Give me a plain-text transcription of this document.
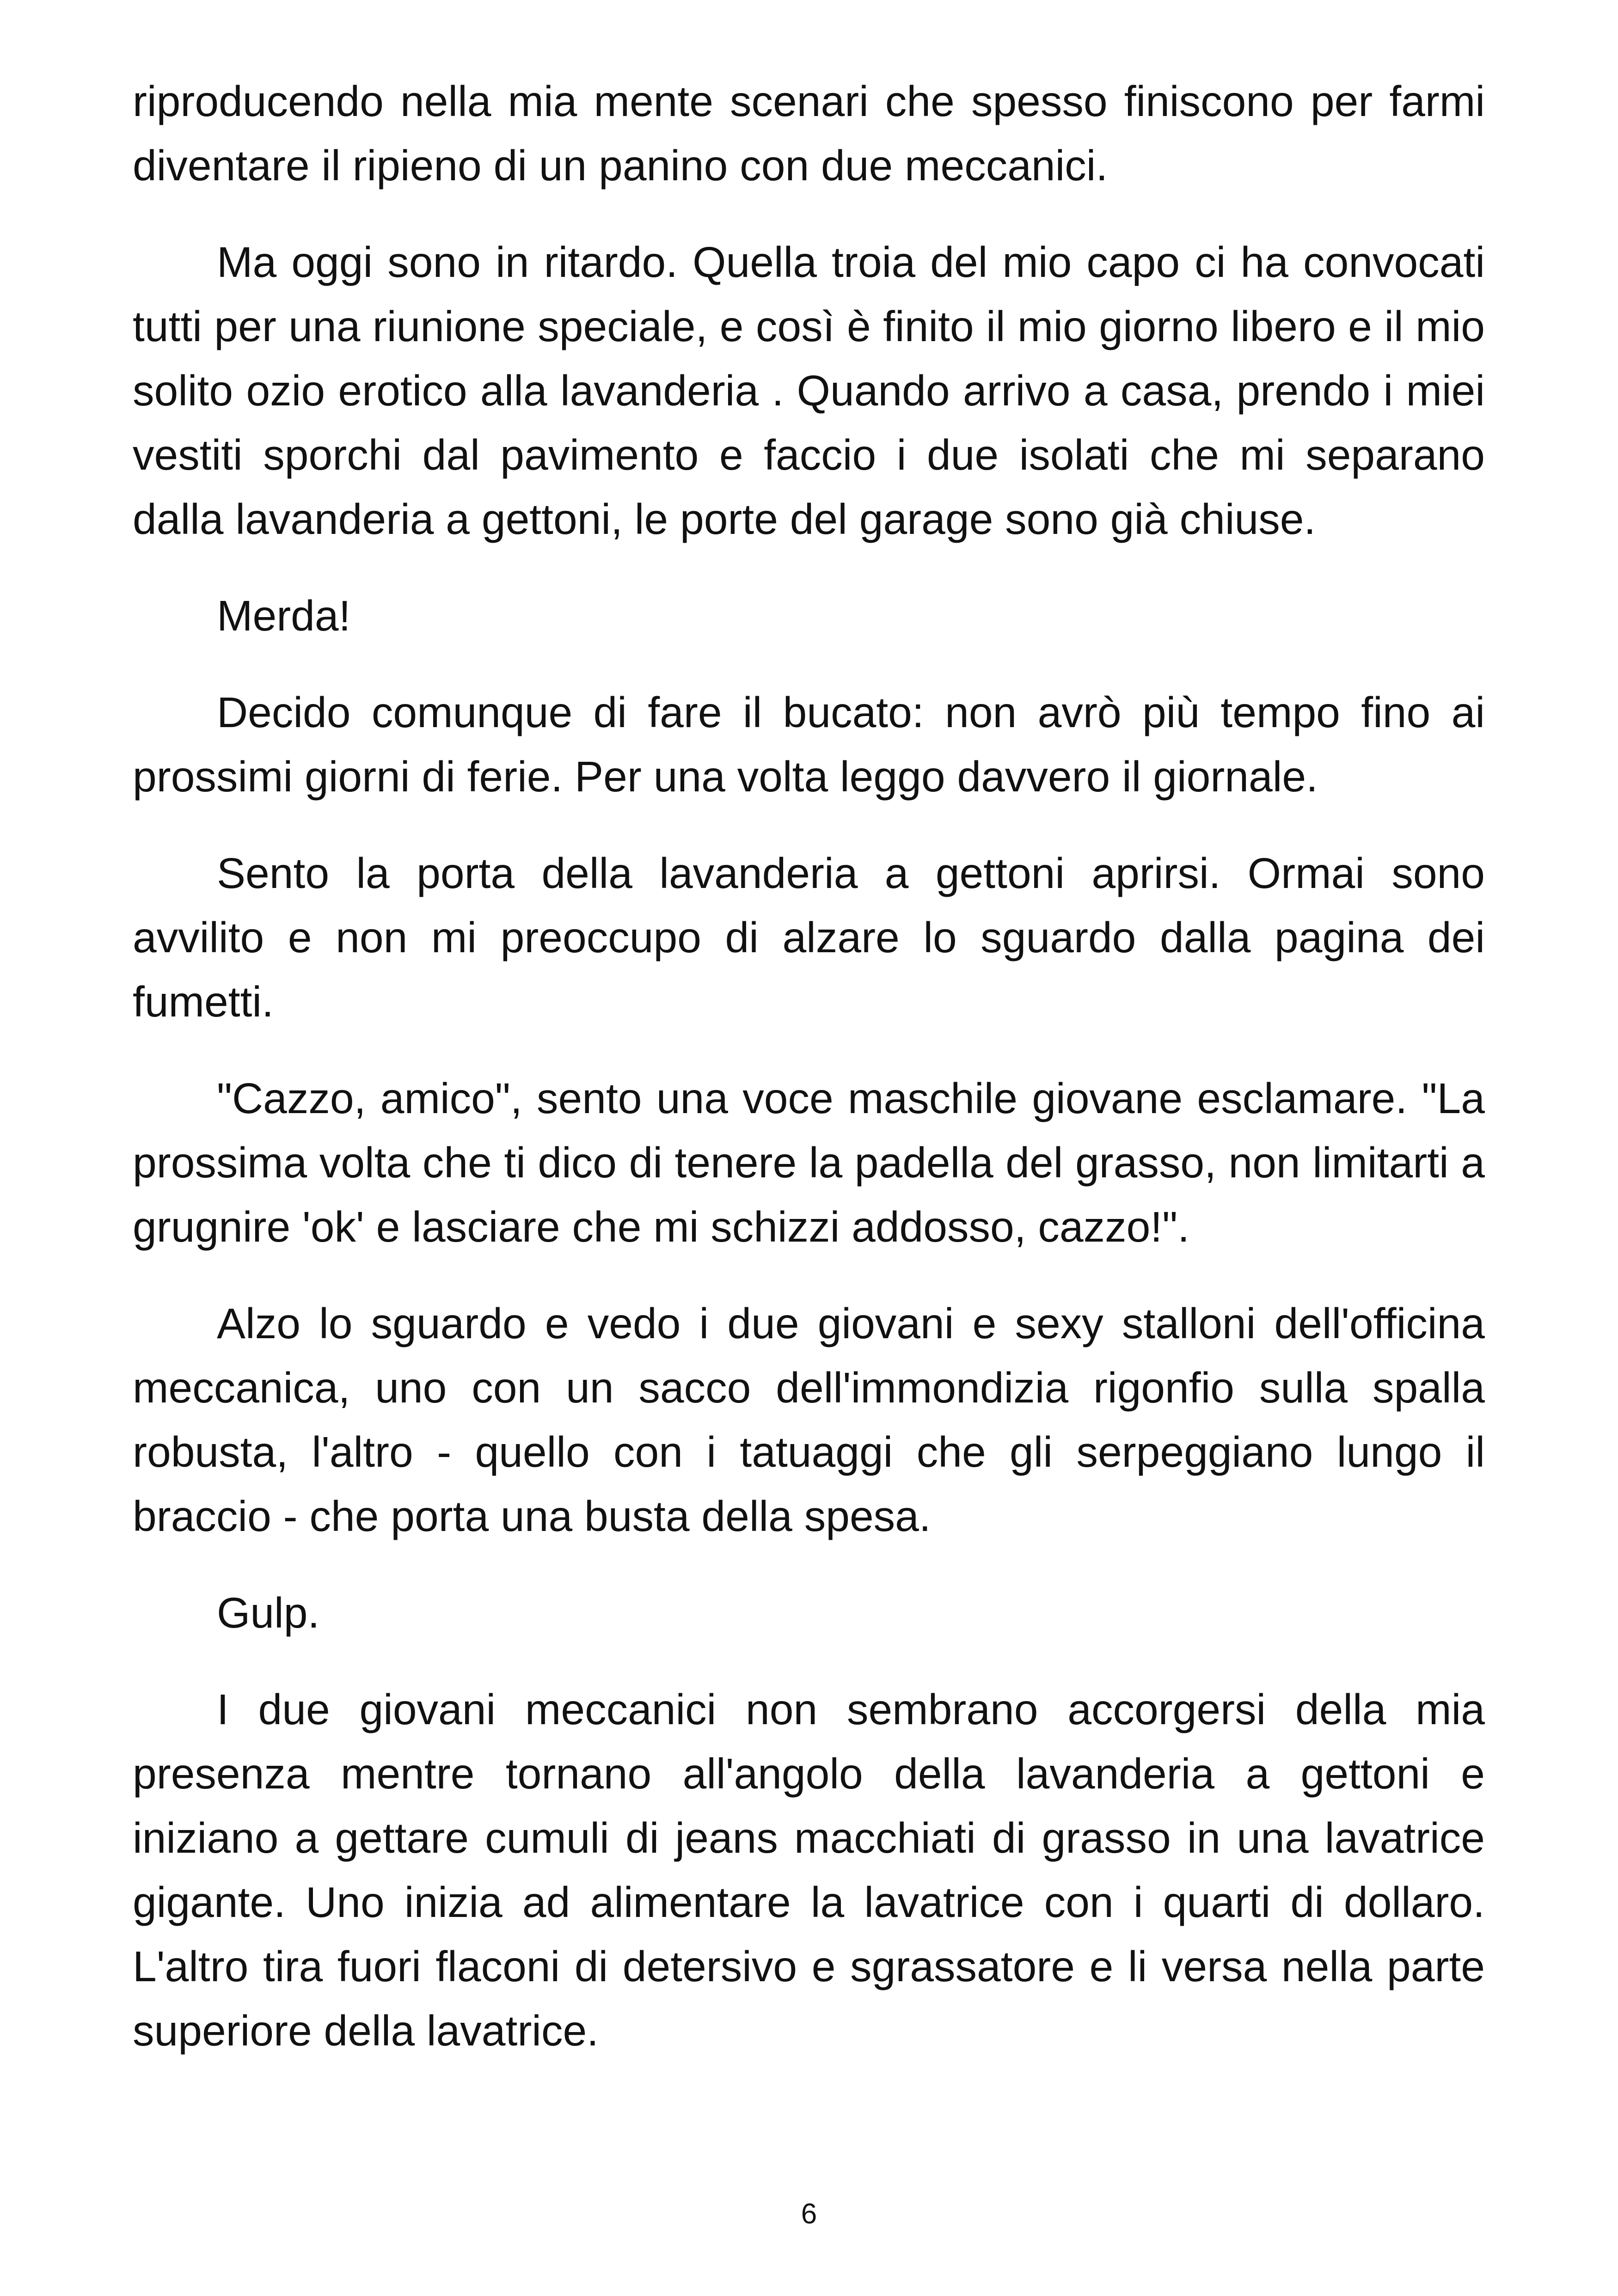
riproducendo nella mia mente scenari che spesso finiscono per farmi diventare il ripieno di un panino con due meccanici.

Ma oggi sono in ritardo. Quella troia del mio capo ci ha convocati tutti per una riunione speciale, e così è finito il mio giorno libero e il mio solito ozio erotico alla lavanderia . Quando arrivo a casa, prendo i miei vestiti sporchi dal pavimento e faccio i due isolati che mi separano dalla lavanderia a gettoni, le porte del garage sono già chiuse.

Merda!

Decido comunque di fare il bucato: non avrò più tempo fino ai prossimi giorni di ferie. Per una volta leggo davvero il giornale.

Sento la porta della lavanderia a gettoni aprirsi. Ormai sono avvilito e non mi preoccupo di alzare lo sguardo dalla pagina dei fumetti.

"Cazzo, amico", sento una voce maschile giovane esclamare. "La prossima volta che ti dico di tenere la padella del grasso, non limitarti a grugnire 'ok' e lasciare che mi schizzi addosso, cazzo!".

Alzo lo sguardo e vedo i due giovani e sexy stalloni dell'officina meccanica, uno con un sacco dell'immondizia rigonfio sulla spalla robusta, l'altro - quello con i tatuaggi che gli serpeggiano lungo il braccio - che porta una busta della spesa.

Gulp.

I due giovani meccanici non sembrano accorgersi della mia presenza mentre tornano all'angolo della lavanderia a gettoni e iniziano a gettare cumuli di jeans macchiati di grasso in una lavatrice gigante. Uno inizia ad alimentare la lavatrice con i quarti di dollaro. L'altro tira fuori flaconi di detersivo e sgrassatore e li versa nella parte superiore della lavatrice.

6
